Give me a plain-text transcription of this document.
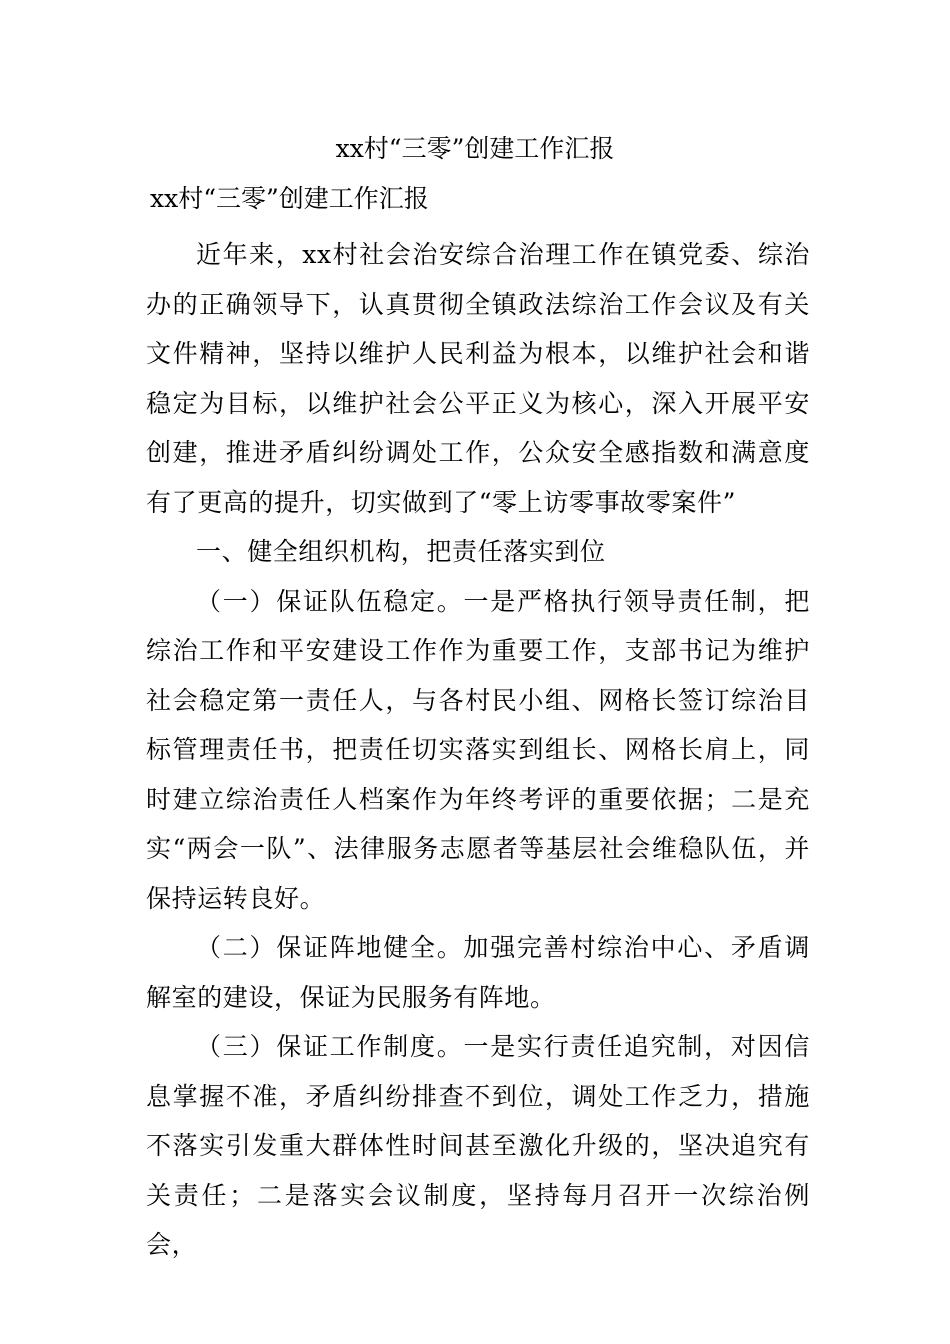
xx村“三零”创建工作汇报
xx村“三零”创建工作汇报

近年来，xx村社会治安综合治理工作在镇党委、综治办的正确领导下，认真贯彻全镇政法综治工作会议及有关文件精神，坚持以维护人民利益为根本，以维护社会和谐稳定为目标，以维护社会公平正义为核心，深入开展平安创建，推进矛盾纠纷调处工作，公众安全感指数和满意度有了更高的提升，切实做到了“零上访零事故零案件”

一、健全组织机构，把责任落实到位

（一）保证队伍稳定。一是严格执行领导责任制，把综治工作和平安建设工作作为重要工作，支部书记为维护社会稳定第一责任人，与各村民小组、网格长签订综治目标管理责任书，把责任切实落实到组长、网格长肩上，同时建立综治责任人档案作为年终考评的重要依据；二是充实“两会一队”、法律服务志愿者等基层社会维稳队伍，并保持运转良好。

（二）保证阵地健全。加强完善村综治中心、矛盾调解室的建设，保证为民服务有阵地。

（三）保证工作制度。一是实行责任追究制，对因信息掌握不准，矛盾纠纷排查不到位，调处工作乏力，措施不落实引发重大群体性时间甚至激化升级的，坚决追究有关责任；二是落实会议制度，坚持每月召开一次综治例会，
